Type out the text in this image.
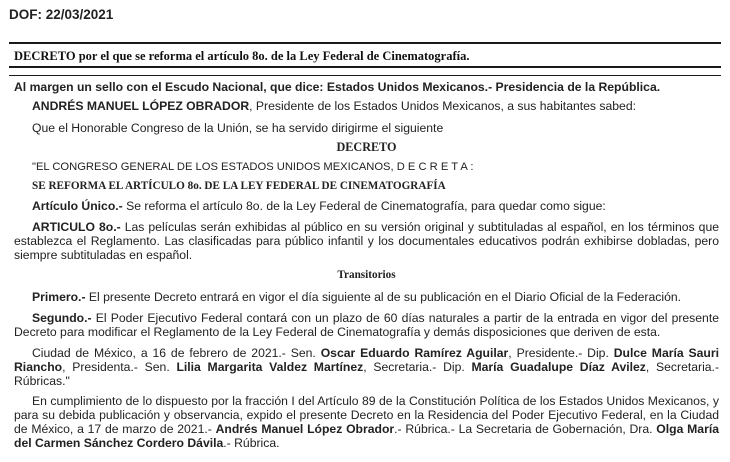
DOF: 22/03/2021
DECRETO por el que se reforma el artículo 8o. de la Ley Federal de Cinematografía.

Al margen un sello con el Escudo Nacional, que dice: Estados Unidos Mexicanos.- Presidencia de la República.

ANDRÉS MANUEL LÓPEZ OBRADOR, Presidente de los Estados Unidos Mexicanos, a sus habitantes sabed:

Que el Honorable Congreso de la Unión, se ha servido dirigirme el siguiente

DECRETO

"EL CONGRESO GENERAL DE LOS ESTADOS UNIDOS MEXICANOS, D E C R E T A :

SE REFORMA EL ARTÍCULO 8o. DE LA LEY FEDERAL DE CINEMATOGRAFÍA

Artículo Único.- Se reforma el artículo 8o. de la Ley Federal de Cinematografía, para quedar como sigue:

ARTICULO 8o.- Las películas serán exhibidas al público en su versión original y subtituladas al español, en los términos que establezca el Reglamento. Las clasificadas para público infantil y los documentales educativos podrán exhibirse dobladas, pero siempre subtituladas en español.

Transitorios

Primero.- El presente Decreto entrará en vigor el día siguiente al de su publicación en el Diario Oficial de la Federación.

Segundo.- El Poder Ejecutivo Federal contará con un plazo de 60 días naturales a partir de la entrada en vigor del presente Decreto para modificar el Reglamento de la Ley Federal de Cinematografía y demás disposiciones que deriven de esta.

Ciudad de México, a 16 de febrero de 2021.- Sen. Oscar Eduardo Ramírez Aguilar, Presidente.- Dip. Dulce María Sauri Riancho, Presidenta.- Sen. Lilia Margarita Valdez Martínez, Secretaria.- Dip. María Guadalupe Díaz Avilez, Secretaria.- Rúbricas."

En cumplimiento de lo dispuesto por la fracción I del Artículo 89 de la Constitución Política de los Estados Unidos Mexicanos, y para su debida publicación y observancia, expido el presente Decreto en la Residencia del Poder Ejecutivo Federal, en la Ciudad de México, a 17 de marzo de 2021.- Andrés Manuel López Obrador.- Rúbrica.- La Secretaria de Gobernación, Dra. Olga María del Carmen Sánchez Cordero Dávila.- Rúbrica.
